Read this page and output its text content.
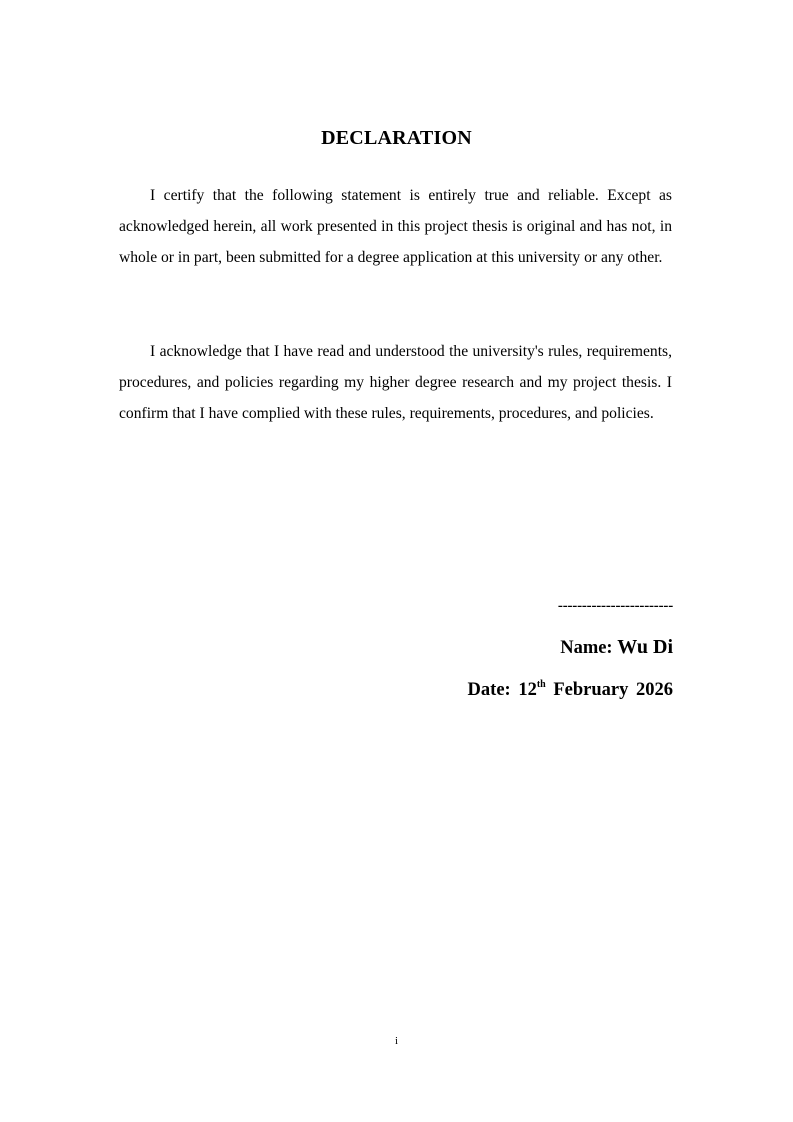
DECLARATION

I certify that the following statement is entirely true and reliable. Except as acknowledged herein, all work presented in this project thesis is original and has not, in whole or in part, been submitted for a degree application at this university or any other.

I acknowledge that I have read and understood the university's rules, requirements, procedures, and policies regarding my higher degree research and my project thesis. I confirm that I have complied with these rules, requirements, procedures, and policies.

------------------------
Name: Wu Di
Date: 12th February 2026
i
